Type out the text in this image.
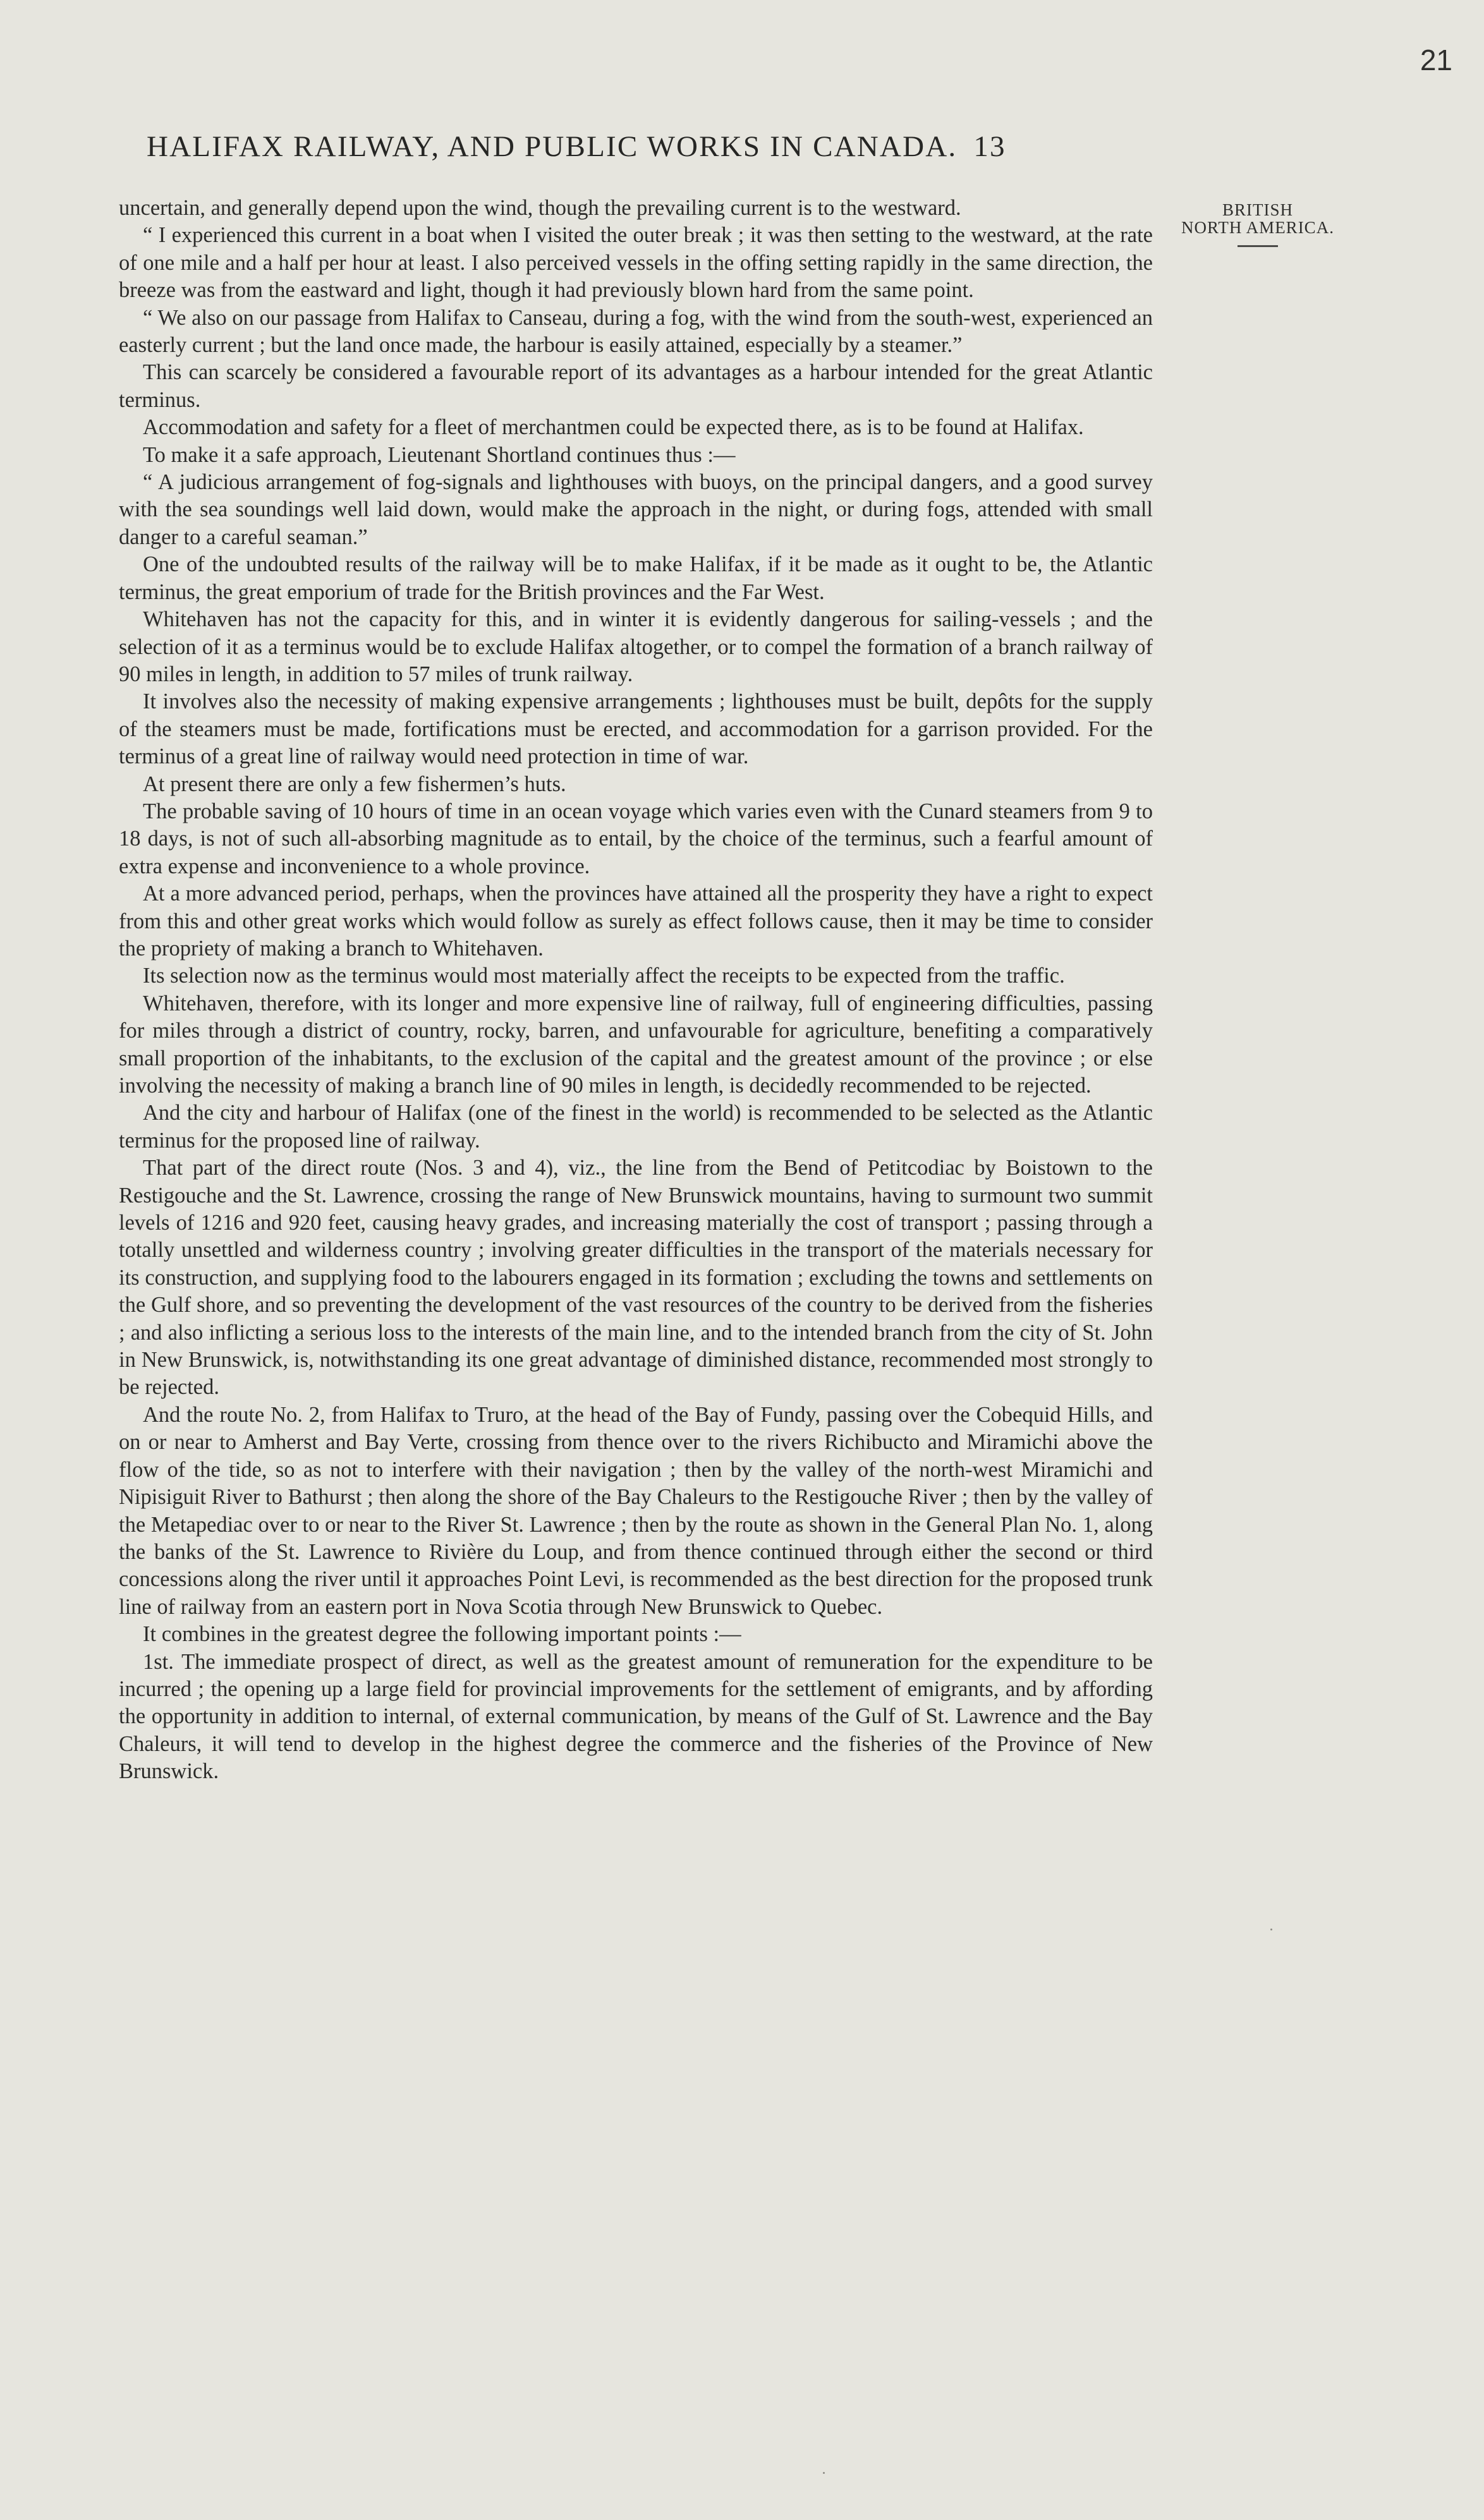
21
HALIFAX RAILWAY, AND PUBLIC WORKS IN CANADA. 13
BRITISH
NORTH AMERICA.

uncertain, and generally depend upon the wind, though the prevailing current is to the westward.

“ I experienced this current in a boat when I visited the outer break ; it was then setting to the westward, at the rate of one mile and a half per hour at least. I also perceived vessels in the offing setting rapidly in the same direction, the breeze was from the eastward and light, though it had previously blown hard from the same point.

“ We also on our passage from Halifax to Canseau, during a fog, with the wind from the south-west, experienced an easterly current ; but the land once made, the harbour is easily attained, especially by a steamer.”

This can scarcely be considered a favourable report of its advantages as a harbour intended for the great Atlantic terminus.

Accommodation and safety for a fleet of merchantmen could be expected there, as is to be found at Halifax.

To make it a safe approach, Lieutenant Shortland continues thus :—

“ A judicious arrangement of fog-signals and lighthouses with buoys, on the principal dangers, and a good survey with the sea soundings well laid down, would make the approach in the night, or during fogs, attended with small danger to a careful seaman.”

One of the undoubted results of the railway will be to make Halifax, if it be made as it ought to be, the Atlantic terminus, the great emporium of trade for the British provinces and the Far West.

Whitehaven has not the capacity for this, and in winter it is evidently dangerous for sailing-vessels ; and the selection of it as a terminus would be to exclude Halifax altogether, or to compel the formation of a branch railway of 90 miles in length, in addition to 57 miles of trunk railway.

It involves also the necessity of making expensive arrangements ; lighthouses must be built, depôts for the supply of the steamers must be made, fortifications must be erected, and accommodation for a garrison provided. For the terminus of a great line of railway would need protection in time of war.

At present there are only a few fishermen’s huts.

The probable saving of 10 hours of time in an ocean voyage which varies even with the Cunard steamers from 9 to 18 days, is not of such all-absorbing magnitude as to entail, by the choice of the terminus, such a fearful amount of extra expense and inconvenience to a whole province.

At a more advanced period, perhaps, when the provinces have attained all the prosperity they have a right to expect from this and other great works which would follow as surely as effect follows cause, then it may be time to consider the propriety of making a branch to Whitehaven.

Its selection now as the terminus would most materially affect the receipts to be expected from the traffic.

Whitehaven, therefore, with its longer and more expensive line of railway, full of engineering difficulties, passing for miles through a district of country, rocky, barren, and unfavourable for agriculture, benefiting a comparatively small proportion of the inhabitants, to the exclusion of the capital and the greatest amount of the province ; or else involving the necessity of making a branch line of 90 miles in length, is decidedly recommended to be rejected.

And the city and harbour of Halifax (one of the finest in the world) is recommended to be selected as the Atlantic terminus for the proposed line of railway.

That part of the direct route (Nos. 3 and 4), viz., the line from the Bend of Petitcodiac by Boistown to the Restigouche and the St. Lawrence, crossing the range of New Brunswick mountains, having to surmount two summit levels of 1216 and 920 feet, causing heavy grades, and increasing materially the cost of transport ; passing through a totally unsettled and wilderness country ; involving greater difficulties in the transport of the materials necessary for its construction, and supplying food to the labourers engaged in its formation ; excluding the towns and settlements on the Gulf shore, and so preventing the development of the vast resources of the country to be derived from the fisheries ; and also inflicting a serious loss to the interests of the main line, and to the intended branch from the city of St. John in New Brunswick, is, notwithstanding its one great advantage of diminished distance, recommended most strongly to be rejected.

And the route No. 2, from Halifax to Truro, at the head of the Bay of Fundy, passing over the Cobequid Hills, and on or near to Amherst and Bay Verte, crossing from thence over to the rivers Richibucto and Miramichi above the flow of the tide, so as not to interfere with their navigation ; then by the valley of the north-west Miramichi and Nipisiguit River to Bathurst ; then along the shore of the Bay Chaleurs to the Restigouche River ; then by the valley of the Metapediac over to or near to the River St. Lawrence ; then by the route as shown in the General Plan No. 1, along the banks of the St. Lawrence to Rivière du Loup, and from thence continued through either the second or third concessions along the river until it approaches Point Levi, is recommended as the best direction for the proposed trunk line of railway from an eastern port in Nova Scotia through New Brunswick to Quebec.

It combines in the greatest degree the following important points :—

1st. The immediate prospect of direct, as well as the greatest amount of remuneration for the expenditure to be incurred ; the opening up a large field for provincial improvements for the settlement of emigrants, and by affording the opportunity in addition to internal, of external communication, by means of the Gulf of St. Lawrence and the Bay Chaleurs, it will tend to develop in the highest degree the commerce and the fisheries of the Province of New Brunswick.
